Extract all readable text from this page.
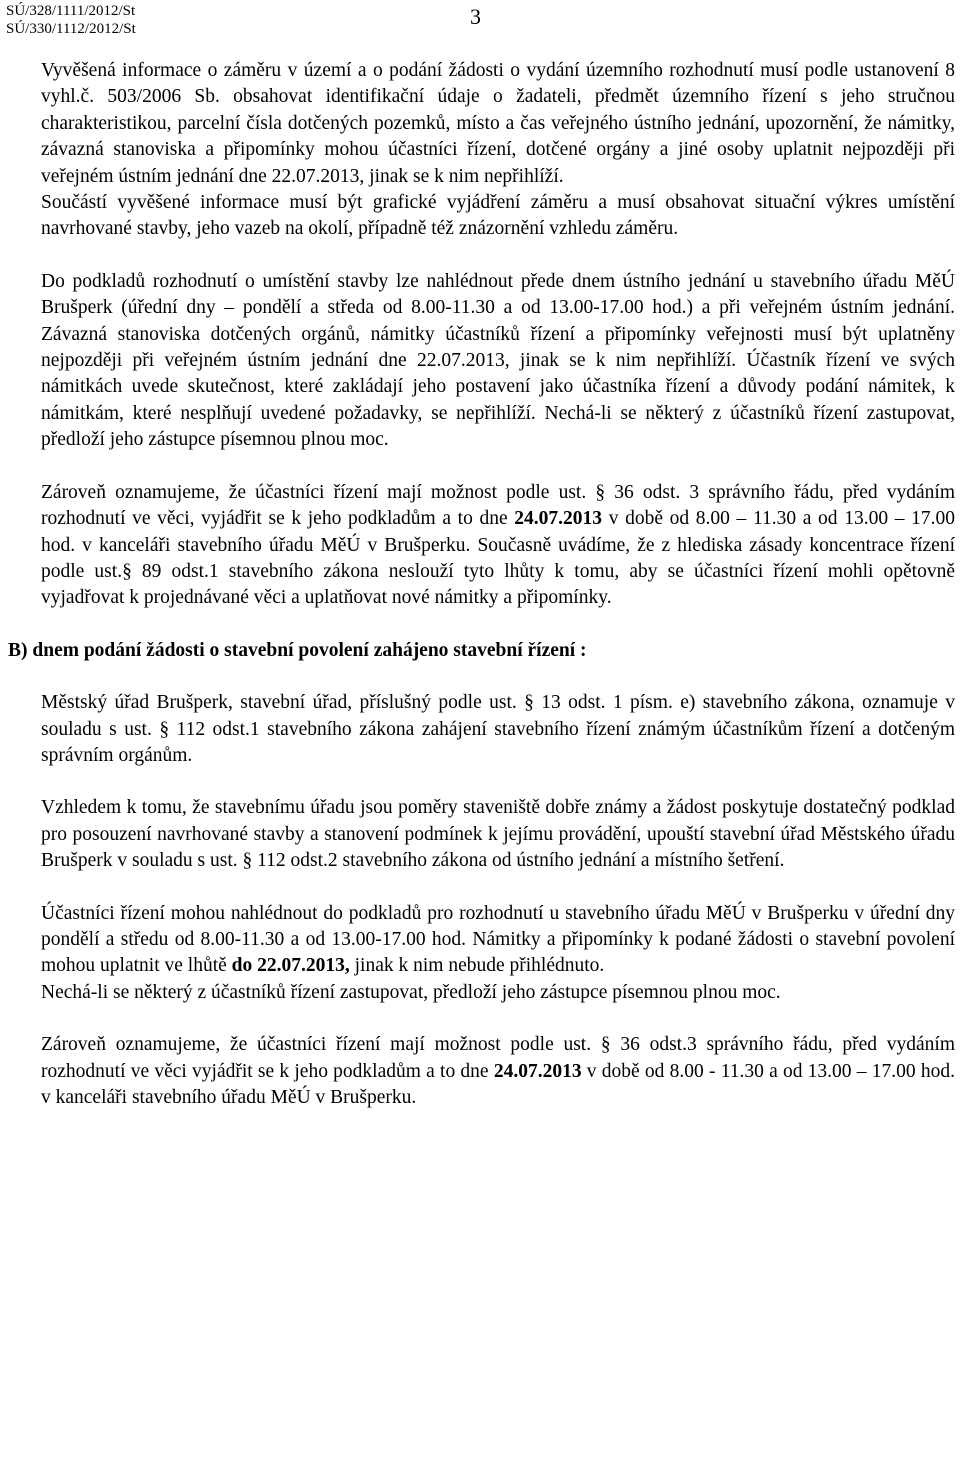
SÚ/328/1111/2012/St
SÚ/330/1112/2012/St	3

Vyvěšená informace o záměru v území a o podání žádosti o vydání územního rozhodnutí musí podle ustanovení 8 vyhl.č. 503/2006 Sb. obsahovat identifikační údaje o žadateli, předmět územního řízení s jeho stručnou charakteristikou, parcelní čísla dotčených pozemků, místo a čas veřejného ústního jednání, upozornění, že námitky, závazná stanoviska a připomínky mohou účastníci řízení, dotčené orgány a jiné osoby uplatnit nejpozději při veřejném ústním jednání dne 22.07.2013, jinak se k nim nepřihlíží.

Součástí vyvěšené informace musí být grafické vyjádření záměru a musí obsahovat situační výkres umístění navrhované stavby, jeho vazeb na okolí, případně též znázornění vzhledu záměru.

Do podkladů rozhodnutí o umístění stavby lze nahlédnout přede dnem ústního jednání u stavebního úřadu MěÚ Brušperk (úřední dny – pondělí a středa od 8.00-11.30 a od 13.00-17.00 hod.) a při veřejném ústním jednání. Závazná stanoviska dotčených orgánů, námitky účastníků řízení a připomínky veřejnosti musí být uplatněny nejpozději při veřejném ústním jednání dne 22.07.2013, jinak se k nim nepřihlíží. Účastník řízení ve svých námitkách uvede skutečnost, které zakládají jeho postavení jako účastníka řízení a důvody podání námitek, k námitkám, které nesplňují uvedené požadavky, se nepřihlíží. Nechá-li se některý z účastníků řízení zastupovat, předloží jeho zástupce písemnou plnou moc.

Zároveň oznamujeme, že účastníci řízení mají možnost podle ust. § 36 odst. 3 správního řádu, před vydáním rozhodnutí ve věci, vyjádřit se k jeho podkladům a to dne 24.07.2013 v době od 8.00 – 11.30 a od 13.00 – 17.00 hod. v kanceláři stavebního úřadu MěÚ v Brušperku. Současně uvádíme, že z hlediska zásady koncentrace řízení podle ust.§ 89 odst.1 stavebního zákona neslouží tyto lhůty k tomu, aby se účastníci řízení mohli opětovně vyjadřovat k projednávané věci a uplatňovat nové námitky a připomínky.

B) dnem podání žádosti o stavební povolení zahájeno stavební řízení :

Městský úřad Brušperk, stavební úřad, příslušný podle ust. § 13 odst. 1 písm. e) stavebního zákona, oznamuje v souladu s ust. § 112 odst.1 stavebního zákona zahájení stavebního řízení známým účastníkům řízení a dotčeným správním orgánům.

Vzhledem k tomu, že stavebnímu úřadu jsou poměry staveniště dobře známy a žádost poskytuje dostatečný podklad pro posouzení navrhované stavby a stanovení podmínek k jejímu provádění, upouští stavební úřad Městského úřadu Brušperk v souladu s ust. § 112 odst.2 stavebního zákona od ústního jednání a místního šetření.

Účastníci řízení mohou nahlédnout do podkladů pro rozhodnutí u stavebního úřadu MěÚ v Brušperku v úřední dny pondělí a středu od 8.00-11.30 a od 13.00-17.00 hod. Námitky a připomínky k podané žádosti o stavební povolení mohou uplatnit ve lhůtě do 22.07.2013, jinak k nim nebude přihlédnuto.

Nechá-li se některý z účastníků řízení zastupovat, předloží jeho zástupce písemnou plnou moc.

Zároveň oznamujeme, že účastníci řízení mají možnost podle ust. § 36 odst.3 správního řádu, před vydáním rozhodnutí ve věci vyjádřit se k jeho podkladům a to dne 24.07.2013 v době od 8.00 - 11.30 a od 13.00 – 17.00 hod. v kanceláři stavebního úřadu MěÚ v Brušperku.
